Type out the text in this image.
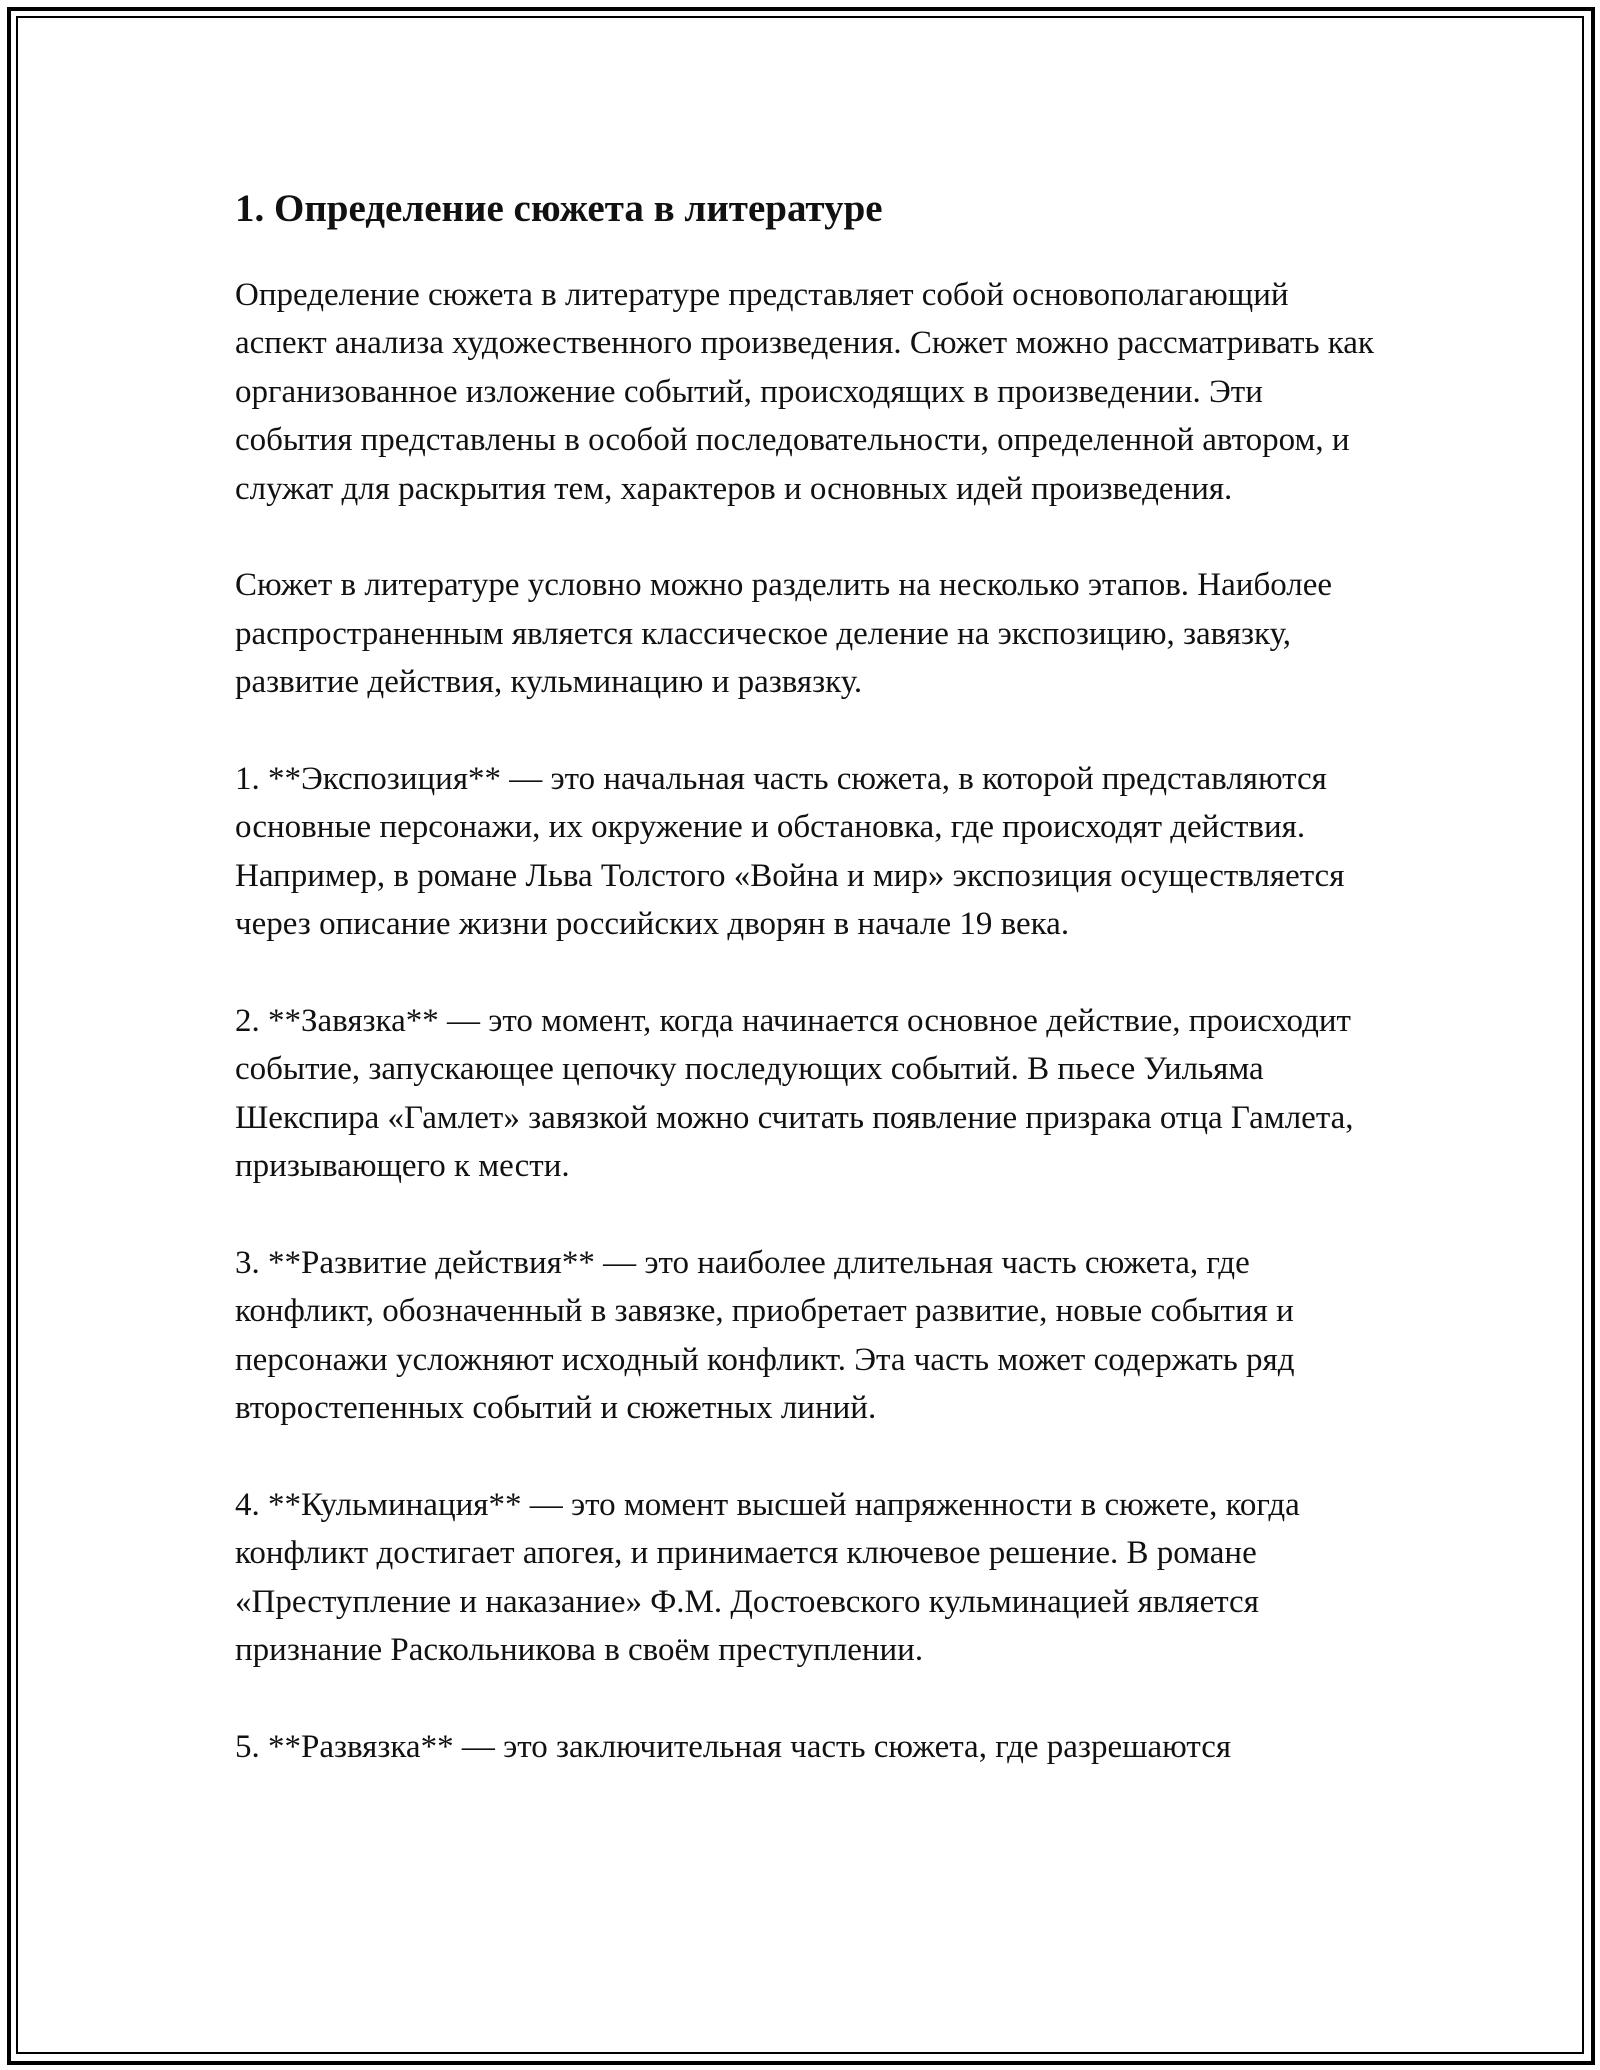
1. Определение сюжета в литературе

Определение сюжета в литературе представляет собой основополагающий аспект анализа художественного произведения. Сюжет можно рассматривать как организованное изложение событий, происходящих в произведении. Эти события представлены в особой последовательности, определенной автором, и служат для раскрытия тем, характеров и основных идей произведения.

Сюжет в литературе условно можно разделить на несколько этапов. Наиболее распространенным является классическое деление на экспозицию, завязку, развитие действия, кульминацию и развязку.

1. **Экспозиция** — это начальная часть сюжета, в которой представляются основные персонажи, их окружение и обстановка, где происходят действия. Например, в романе Льва Толстого «Война и мир» экспозиция осуществляется через описание жизни российских дворян в начале 19 века.

2. **Завязка** — это момент, когда начинается основное действие, происходит событие, запускающее цепочку последующих событий. В пьесе Уильяма Шекспира «Гамлет» завязкой можно считать появление призрака отца Гамлета, призывающего к мести.

3. **Развитие действия** — это наиболее длительная часть сюжета, где конфликт, обозначенный в завязке, приобретает развитие, новые события и персонажи усложняют исходный конфликт. Эта часть может содержать ряд второстепенных событий и сюжетных линий.

4. **Кульминация** — это момент высшей напряженности в сюжете, когда конфликт достигает апогея, и принимается ключевое решение. В романе «Преступление и наказание» Ф.М. Достоевского кульминацией является признание Раскольникова в своём преступлении.

5. **Развязка** — это заключительная часть сюжета, где разрешаются
